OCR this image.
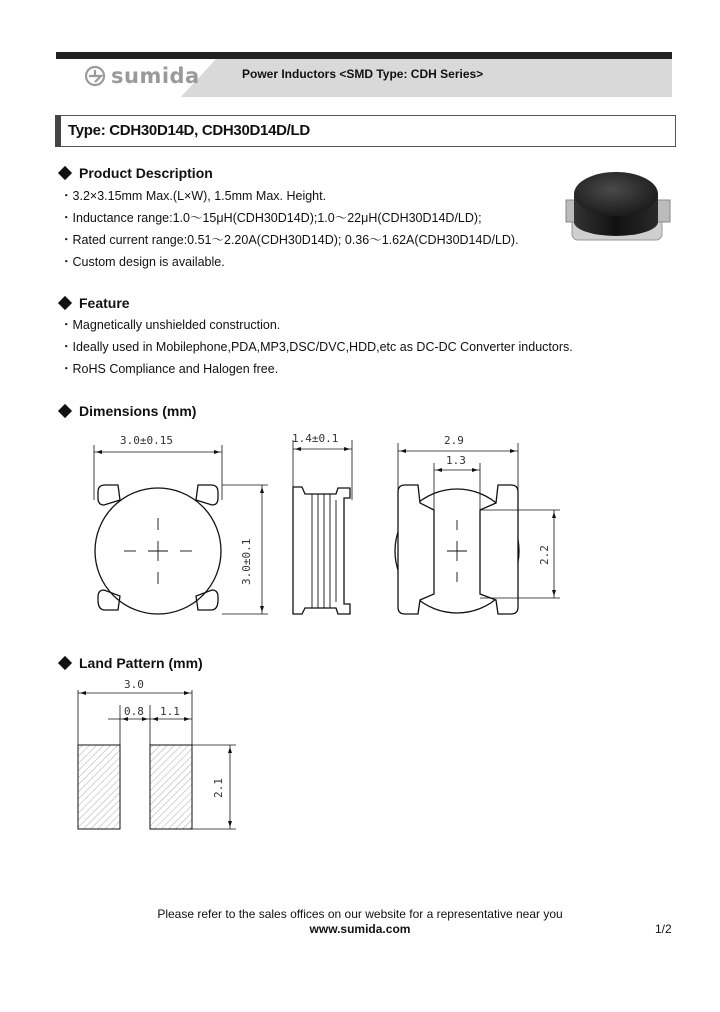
sumida	Power Inductors <SMD Type: CDH Series>
Type: CDH30D14D, CDH30D14D/LD
Product Description
・ 3.2×3.15mm Max.(L×W), 1.5mm Max. Height.
・ Inductance range:1.0～15μH(CDH30D14D);1.0～22μH(CDH30D14D/LD);
・ Rated current range:0.51～2.20A(CDH30D14D); 0.36～1.62A(CDH30D14D/LD).
・ Custom design is available.
Feature
・ Magnetically unshielded construction.
・ Ideally used in Mobilephone,PDA,MP3,DSC/DVC,HDD,etc as DC-DC Converter inductors.
・ RoHS Compliance and Halogen free.
Dimensions (mm)
3.0±0.15
3.0±0.1
1.4±0.1	2.9
1.3
2.2
Land Pattern (mm)
3.0
0.8 1.1
2.1
Please refer to the sales offices on our website for a representative near you
www.sumida.com	1/2
